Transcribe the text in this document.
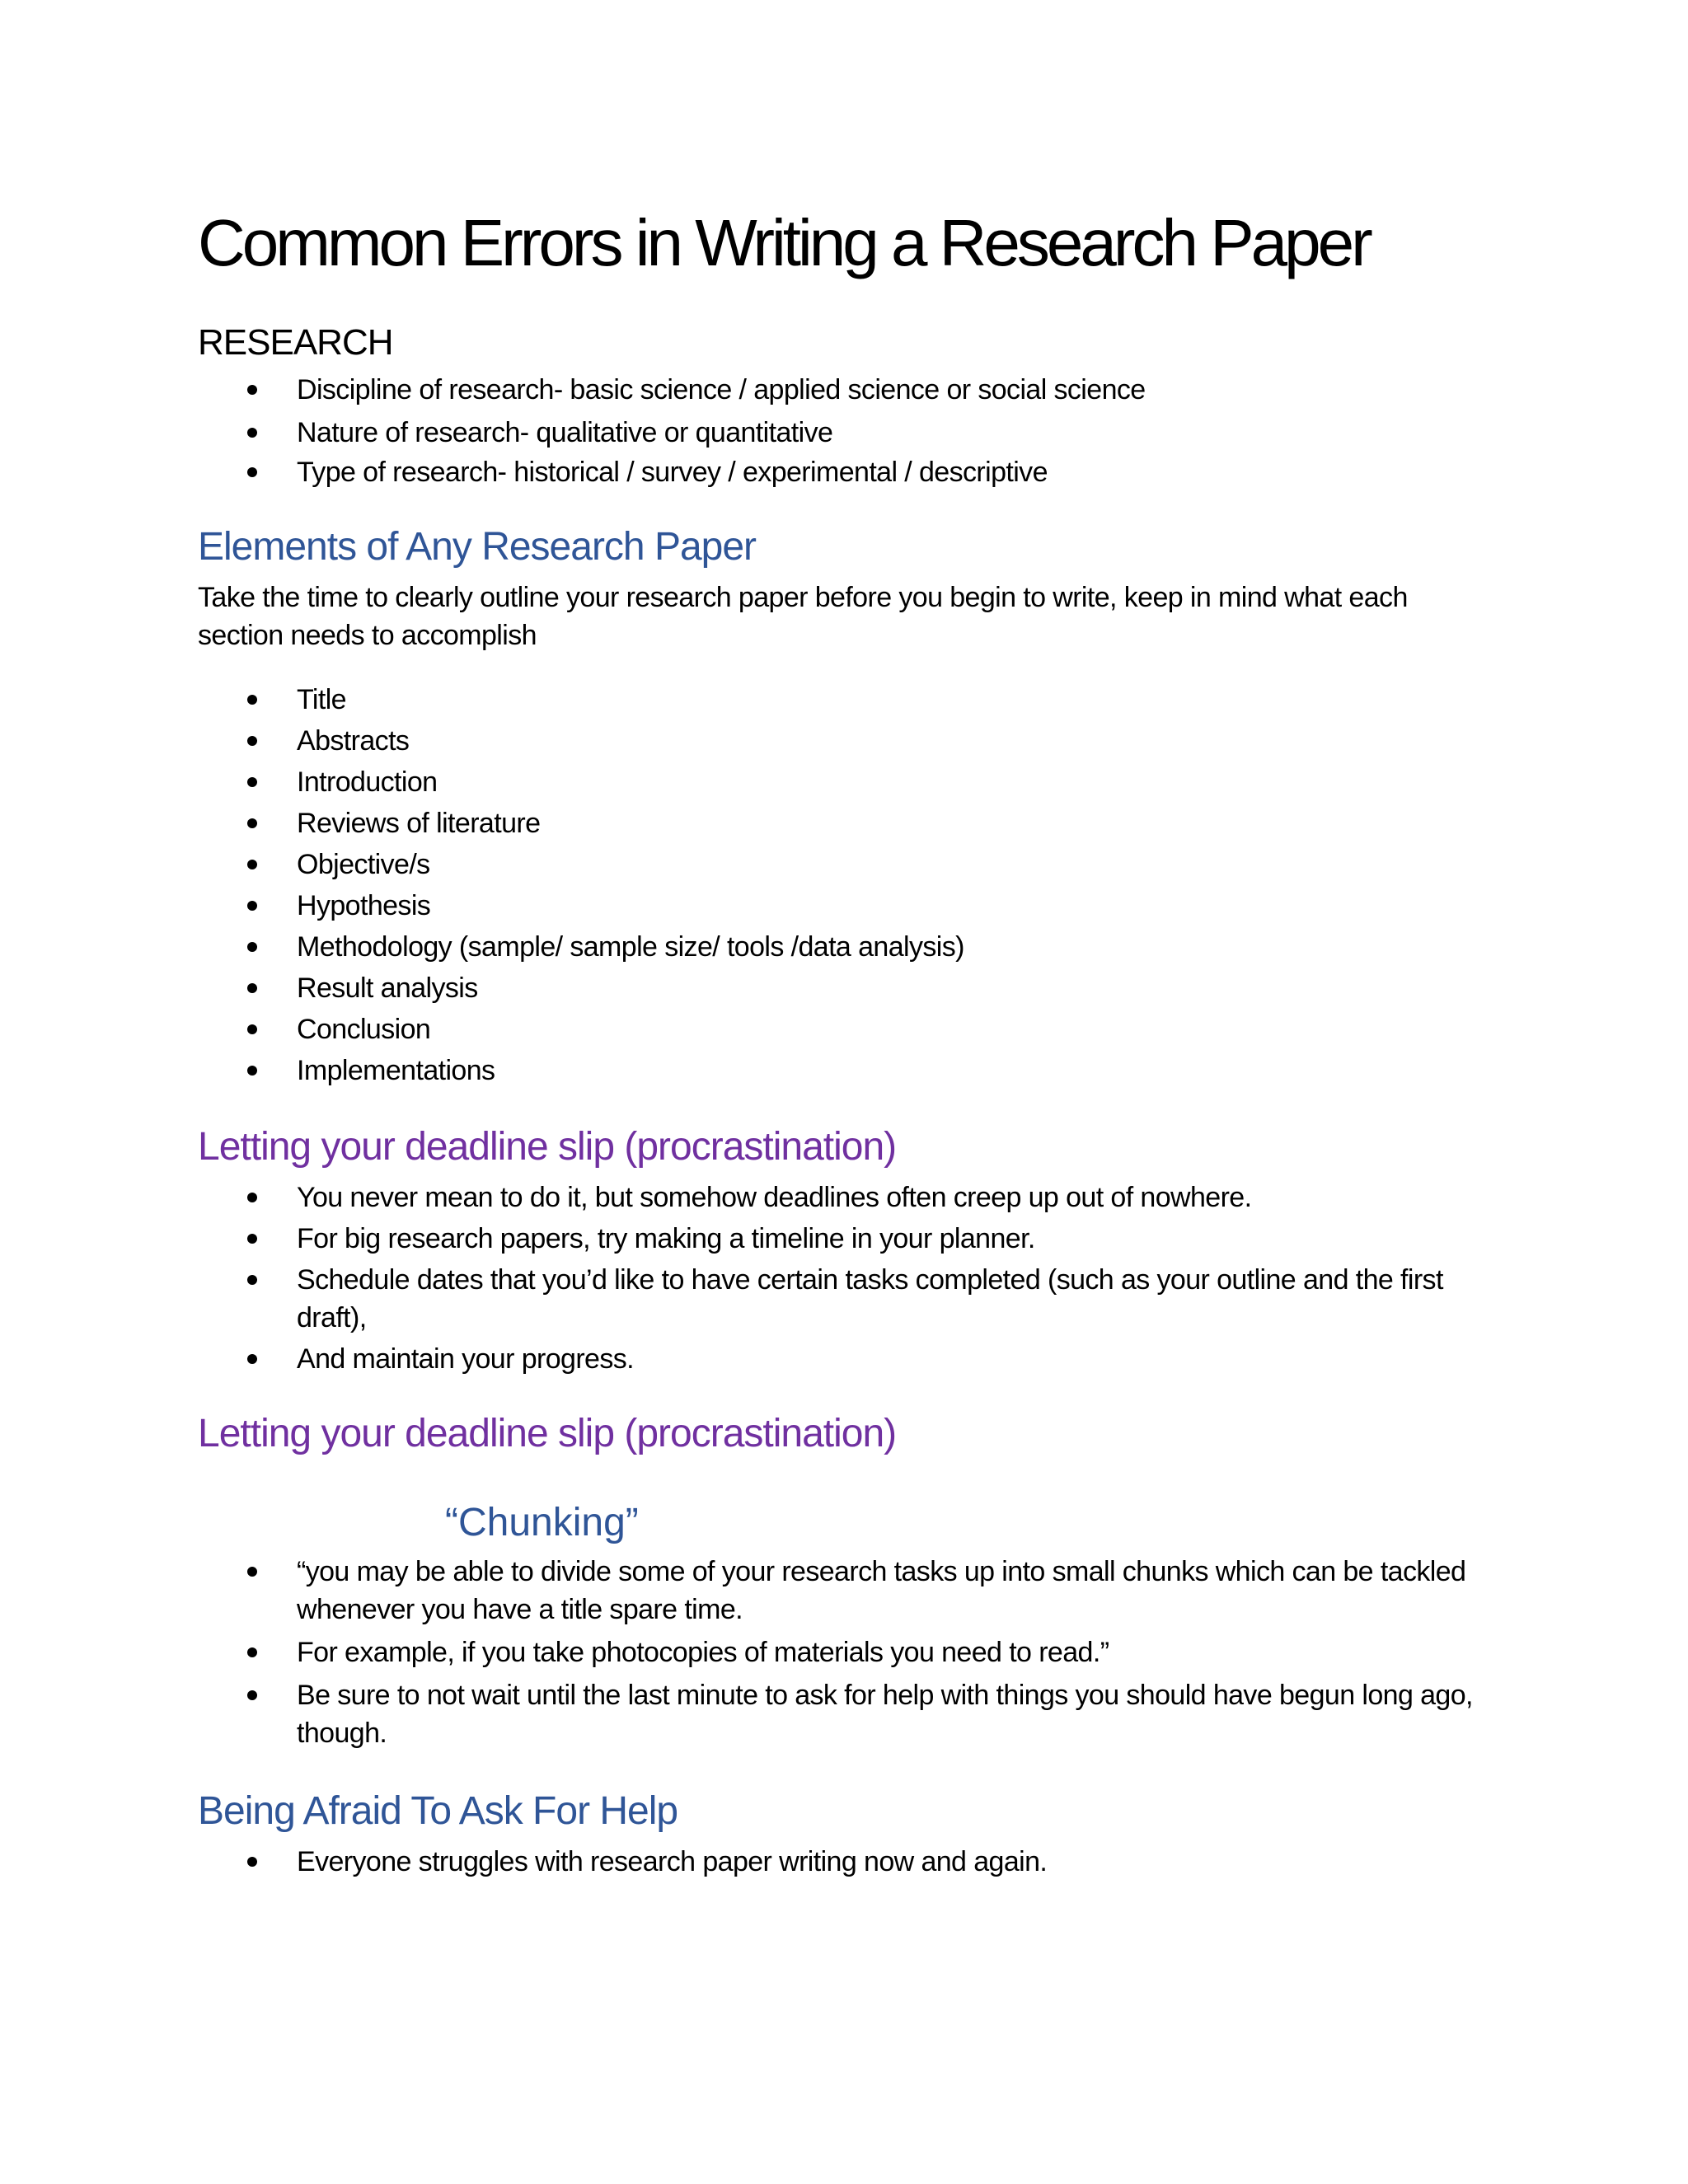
Common Errors in Writing a Research Paper
RESEARCH
Discipline of research- basic science / applied science or social science
Nature of research- qualitative or quantitative
Type of research- historical / survey / experimental / descriptive
Elements of Any Research Paper

Take the time to clearly outline your research paper before you begin to write, keep in mind what each section needs to accomplish

Title
Abstracts
Introduction
Reviews of literature
Objective/s
Hypothesis
Methodology (sample/ sample size/ tools /data analysis)
Result analysis
Conclusion
Implementations
Letting your deadline slip (procrastination)
You never mean to do it, but somehow deadlines often creep up out of nowhere.
For big research papers, try making a timeline in your planner.
Schedule dates that you’d like to have certain tasks completed (such as your outline and the first draft),
And maintain your progress.
Letting your deadline slip (procrastination)
“Chunking”
“you may be able to divide some of your research tasks up into small chunks which can be tackled whenever you have a title spare time.
For example, if you take photocopies of materials you need to read.”
Be sure to not wait until the last minute to ask for help with things you should have begun long ago, though.
Being Afraid To Ask For Help
Everyone struggles with research paper writing now and again.
